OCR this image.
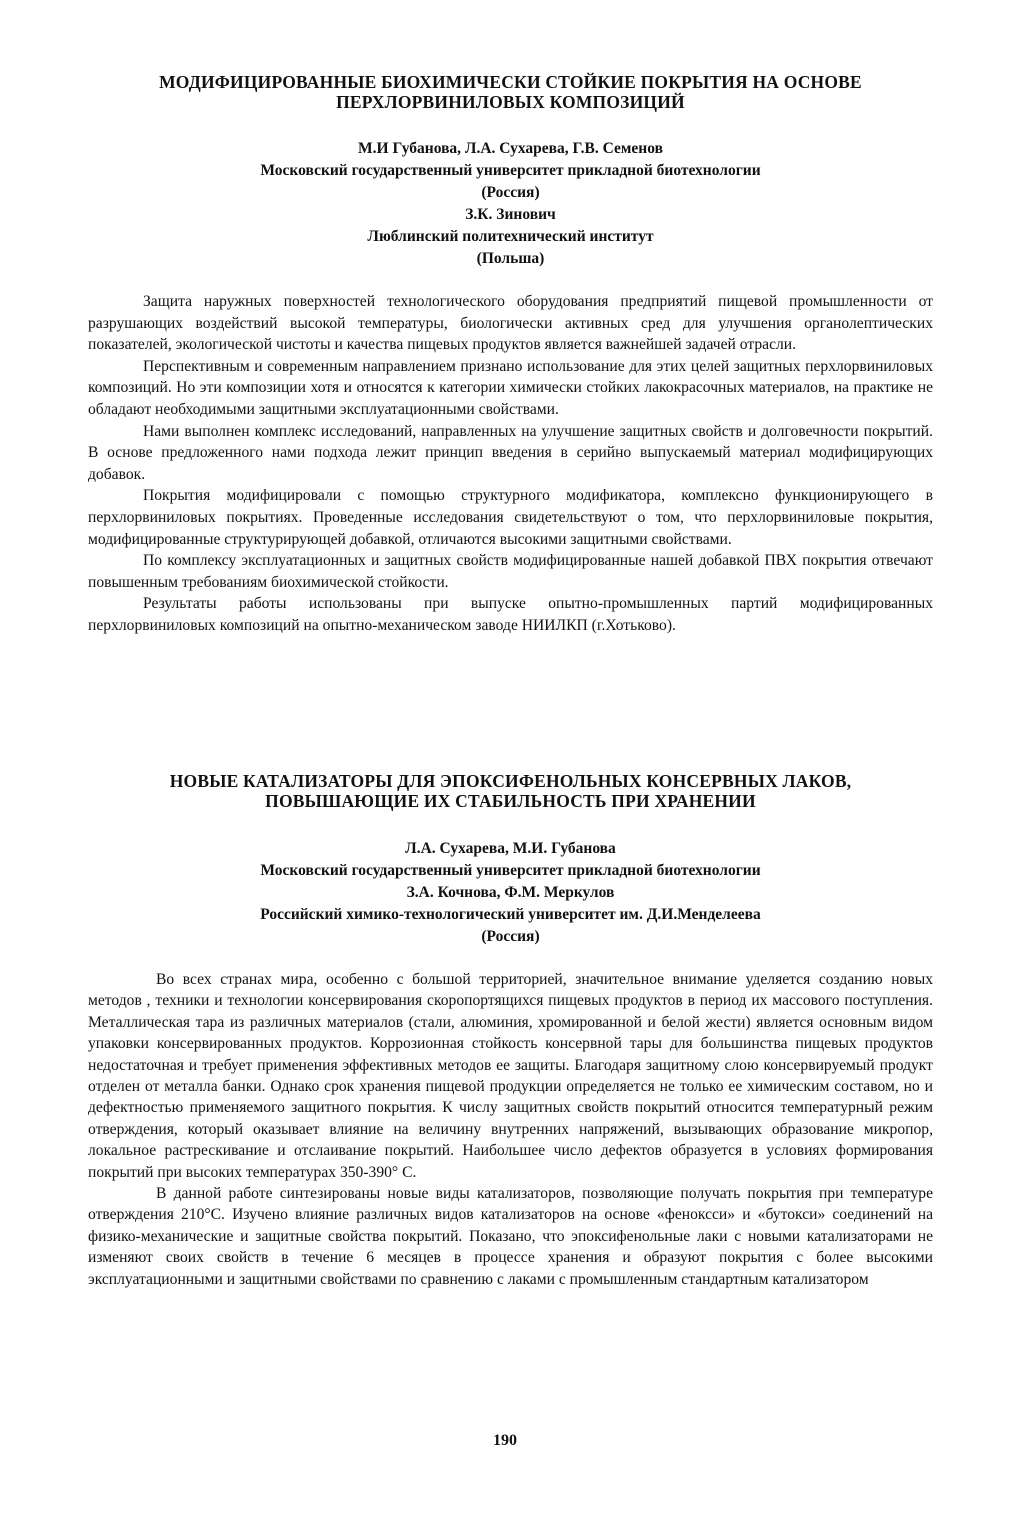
МОДИФИЦИРОВАННЫЕ БИОХИМИЧЕСКИ СТОЙКИЕ ПОКРЫТИЯ НА ОСНОВЕ
ПЕРХЛОРВИНИЛОВЫХ КОМПОЗИЦИЙ
М.И Губанова, Л.А. Сухарева, Г.В. Семенов
Московский государственный университет прикладной биотехнологии
(Россия)
З.К. Зинович
Люблинский политехнический институт
(Польша)

Защита наружных поверхностей технологического оборудования предприятий пищевой промышленности от разрушающих воздействий высокой температуры, биологически активных сред для улучшения органолептических показателей, экологической чистоты и качества пищевых продуктов является важнейшей задачей отрасли.

Перспективным и современным направлением признано использование для этих целей защитных перхлорвиниловых композиций. Но эти композиции хотя и относятся к категории химически стойких лакокрасочных материалов, на практике не обладают необходимыми защитными эксплуатационными свойствами.

Нами выполнен комплекс исследований, направленных на улучшение защитных свойств и долговечности покрытий. В основе предложенного нами подхода лежит принцип введения в серийно выпускаемый материал модифицирующих добавок.

Покрытия модифицировали с помощью структурного модификатора, комплексно функционирующего в перхлорвиниловых покрытиях. Проведенные исследования свидетельствуют о том, что перхлорвиниловые покрытия, модифицированные структурирующей добавкой, отличаются высокими защитными свойствами.

По комплексу эксплуатационных и защитных свойств модифицированные нашей добавкой ПВХ покрытия отвечают повышенным требованиям биохимической стойкости.

Результаты работы использованы при выпуске опытно-промышленных партий модифицированных перхлорвиниловых композиций на опытно-механическом заводе НИИЛКП (г.Хотьково).

НОВЫЕ КАТАЛИЗАТОРЫ ДЛЯ ЭПОКСИФЕНОЛЬНЫХ КОНСЕРВНЫХ ЛАКОВ,
ПОВЫШАЮЩИЕ ИХ СТАБИЛЬНОСТЬ ПРИ ХРАНЕНИИ
Л.А. Сухарева, М.И. Губанова
Московский государственный университет прикладной биотехнологии
З.А. Кочнова, Ф.М. Меркулов
Российский химико-технологический университет им. Д.И.Менделеева
(Россия)

Во всех странах мира, особенно с большой территорией, значительное внимание уделяется созданию новых методов , техники и технологии консервирования скоропортящихся пищевых продуктов в период их массового поступления. Металлическая тара из различных материалов (стали, алюминия, хромированной и белой жести) является основным видом упаковки консервированных продуктов. Коррозионная стойкость консервной тары для большинства пищевых продуктов недостаточная и требует применения эффективных методов ее защиты. Благодаря защитному слою консервируемый продукт отделен от металла банки. Однако срок хранения пищевой продукции определяется не только ее химическим составом, но и дефектностью применяемого защитного покрытия. К числу защитных свойств покрытий относится температурный режим отверждения, который оказывает влияние на величину внутренних напряжений, вызывающих образование микропор, локальное растрескивание и отслаивание покрытий. Наибольшее число дефектов образуется в условиях формирования покрытий при высоких температурах 350-390° С.

В данной работе синтезированы новые виды катализаторов, позволяющие получать покрытия при температуре отверждения 210°С. Изучено влияние различных видов катализаторов на основе «феноксси» и «бутокси» соединений на физико-механические и защитные свойства покрытий. Показано, что эпоксифенольные лаки с новыми катализаторами не изменяют своих свойств в течение 6 месяцев в процессе хранения и образуют покрытия с более высокими эксплуатационными и защитными свойствами по сравнению с лаками с промышленным стандартным катализатором

190
